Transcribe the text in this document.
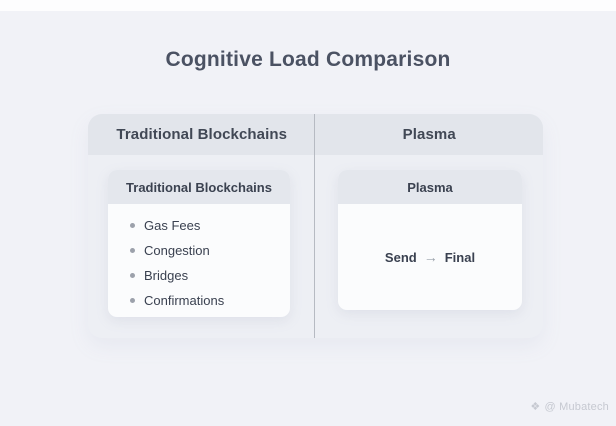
Cognitive Load Comparison
Traditional Blockchains	Plasma
Traditional Blockchains
Gas Fees
Congestion
Bridges
Confirmations
Plasma
Send → Final
❖ @ Mubatech
